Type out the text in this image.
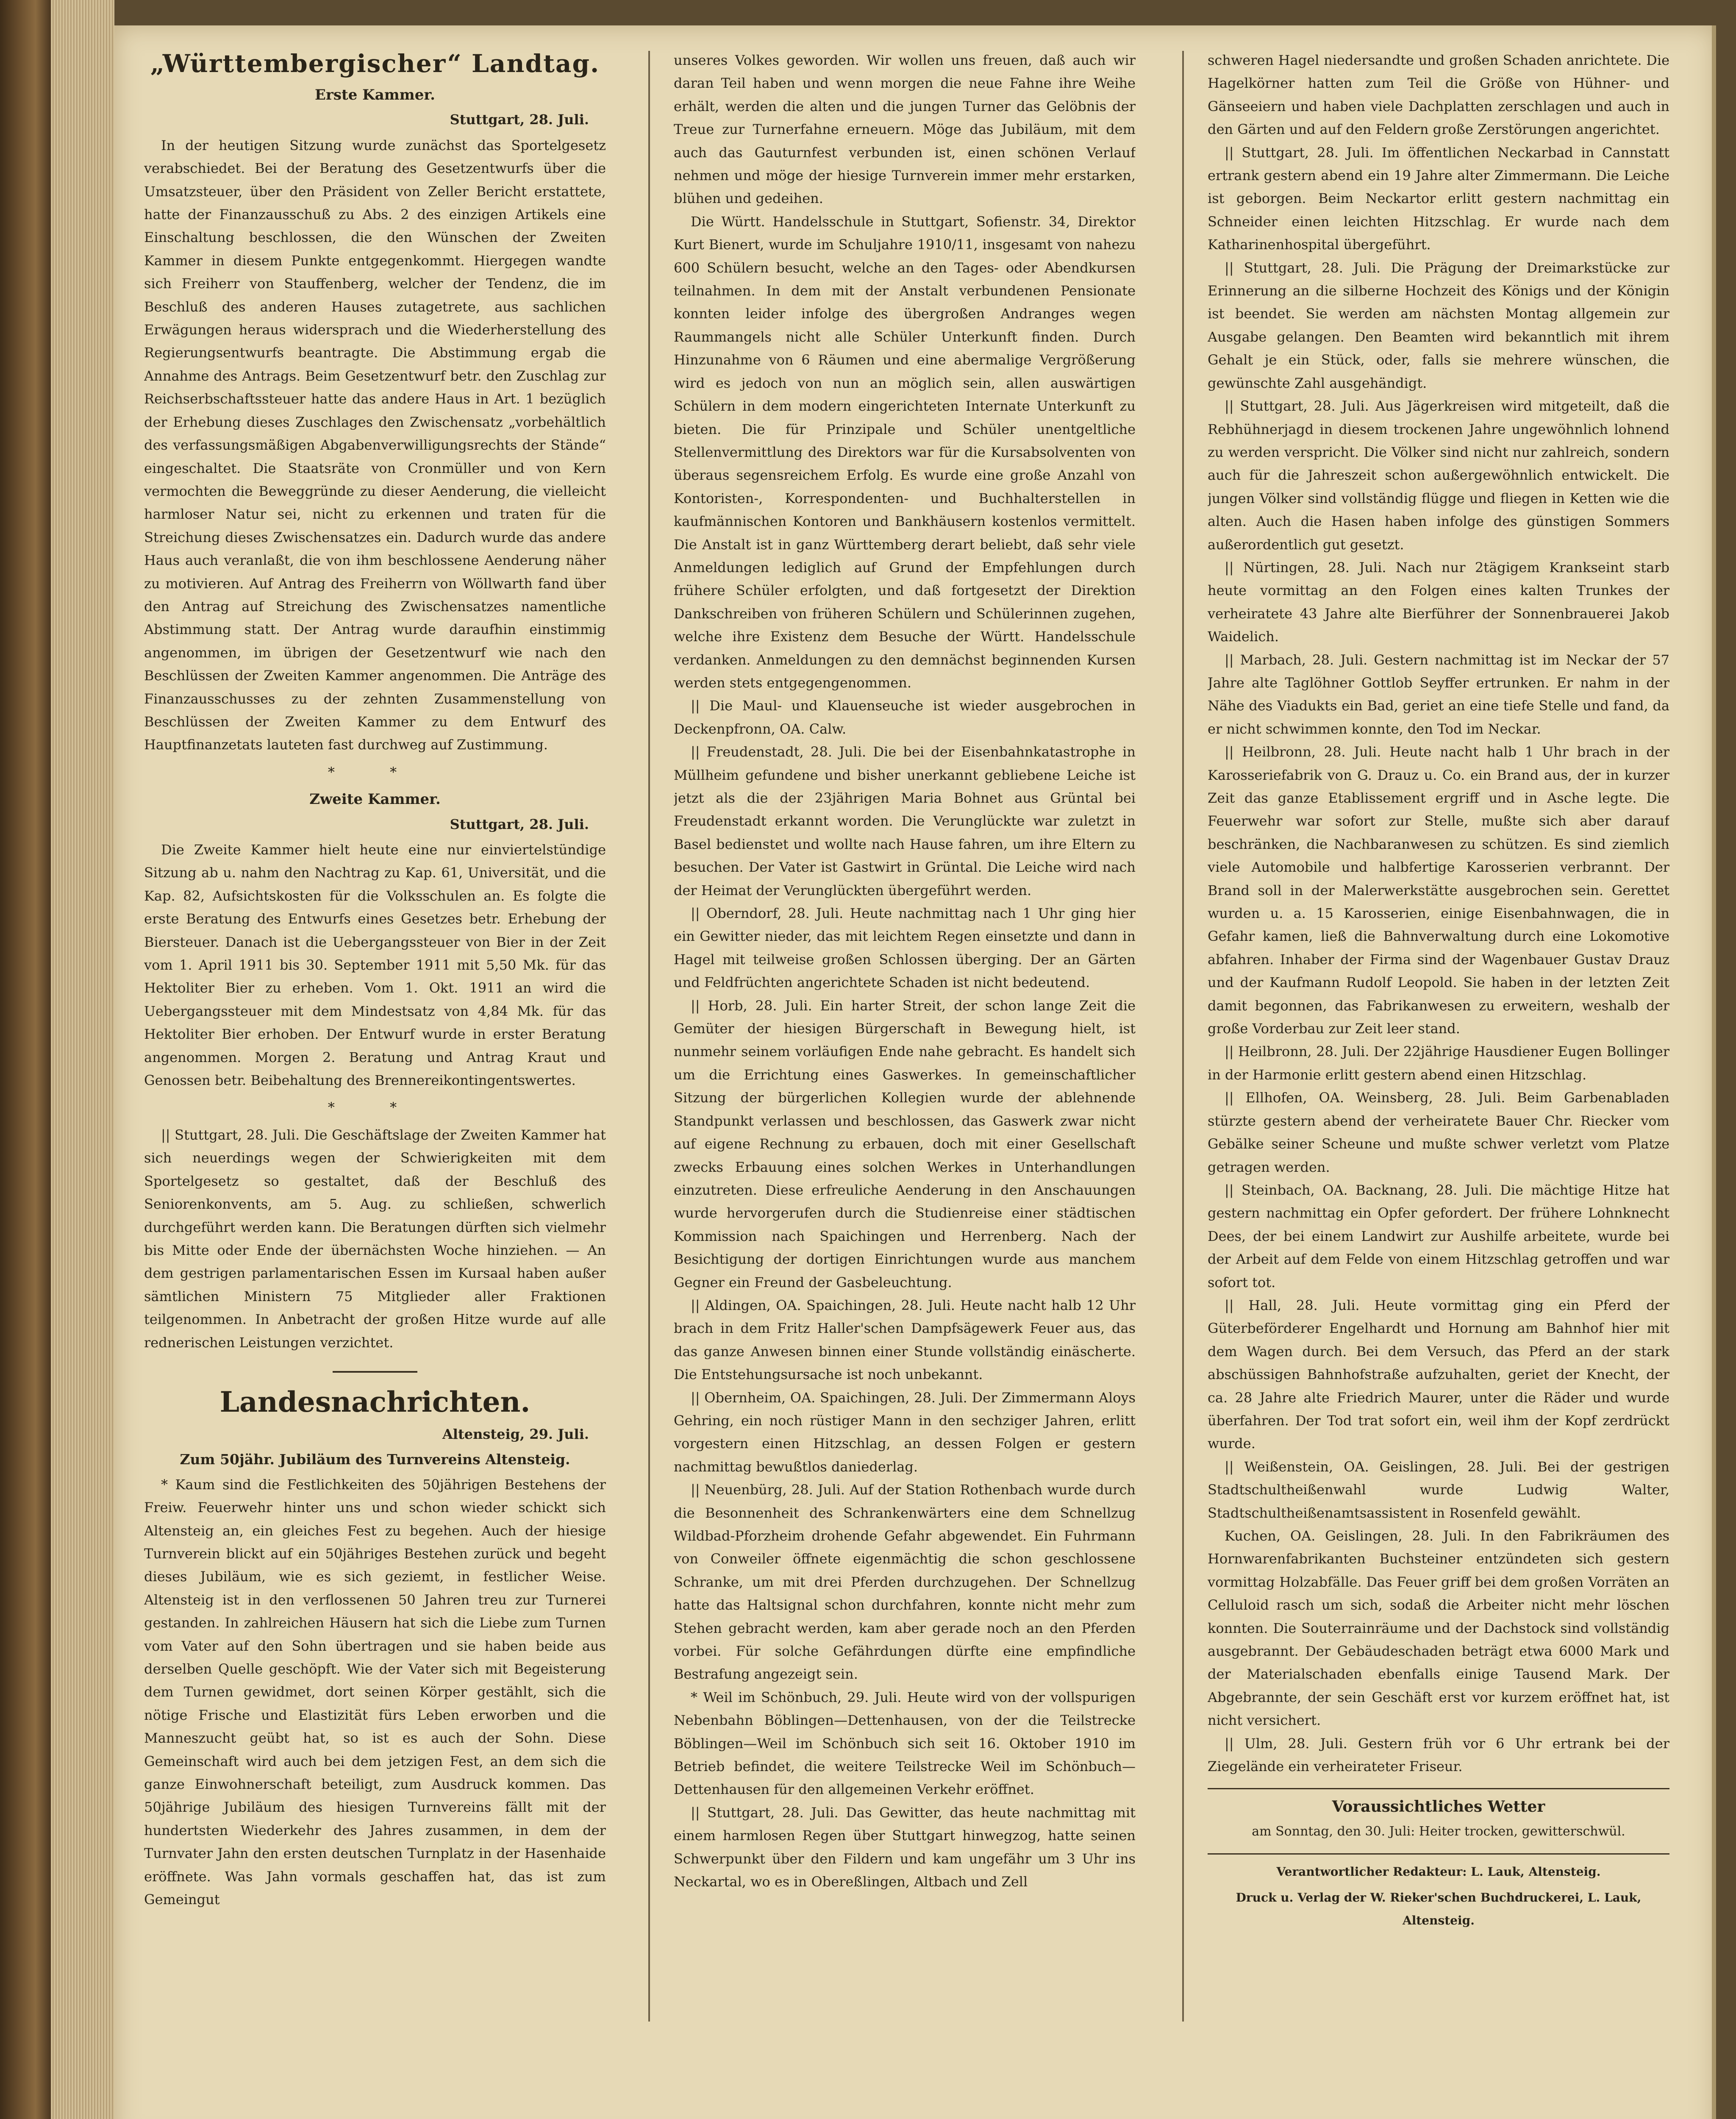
„Württembergischer“ Landtag.
Erste Kammer.
Stuttgart, 28. Juli.

In der heutigen Sitzung wurde zunächst das Sportelgesetz verabschiedet. Bei der Beratung des Gesetzentwurfs über die Umsatzsteuer, über den Präsident von Zeller Bericht erstattete, hatte der Finanzausschuß zu Abs. 2 des einzigen Artikels eine Einschaltung beschlossen, die den Wünschen der Zweiten Kammer in diesem Punkte entgegenkommt. Hiergegen wandte sich Freiherr von Stauffenberg, welcher der Tendenz, die im Beschluß des anderen Hauses zutagetrete, aus sachlichen Erwägungen heraus widersprach und die Wiederherstellung des Regierungsentwurfs beantragte. Die Abstimmung ergab die Annahme des Antrags. Beim Gesetzentwurf betr. den Zuschlag zur Reichserbschaftssteuer hatte das andere Haus in Art. 1 bezüglich der Erhebung dieses Zuschlages den Zwischensatz „vorbehältlich des verfassungsmäßigen Abgabenverwilligungsrechts der Stände“ eingeschaltet. Die Staatsräte von Cronmüller und von Kern vermochten die Beweggründe zu dieser Aenderung, die vielleicht harmloser Natur sei, nicht zu erkennen und traten für die Streichung dieses Zwischensatzes ein. Dadurch wurde das andere Haus auch veranlaßt, die von ihm beschlossene Aenderung näher zu motivieren. Auf Antrag des Freiherrn von Wöllwarth fand über den Antrag auf Streichung des Zwischensatzes namentliche Abstimmung statt. Der Antrag wurde daraufhin einstimmig angenommen, im übrigen der Gesetzentwurf wie nach den Beschlüssen der Zweiten Kammer angenommen. Die Anträge des Finanzausschusses zu der zehnten Zusammenstellung von Beschlüssen der Zweiten Kammer zu dem Entwurf des Hauptfinanzetats lauteten fast durchweg auf Zustimmung.

* *
Zweite Kammer.
Stuttgart, 28. Juli.

Die Zweite Kammer hielt heute eine nur einviertelstündige Sitzung ab u. nahm den Nachtrag zu Kap. 61, Universität, und die Kap. 82, Aufsichtskosten für die Volksschulen an. Es folgte die erste Beratung des Entwurfs eines Gesetzes betr. Erhebung der Biersteuer. Danach ist die Uebergangssteuer von Bier in der Zeit vom 1. April 1911 bis 30. September 1911 mit 5,50 Mk. für das Hektoliter Bier zu erheben. Vom 1. Okt. 1911 an wird die Uebergangssteuer mit dem Mindestsatz von 4,84 Mk. für das Hektoliter Bier erhoben. Der Entwurf wurde in erster Beratung angenommen. Morgen 2. Beratung und Antrag Kraut und Genossen betr. Beibehaltung des Brennereikontingentswertes.

* *

|| Stuttgart, 28. Juli. Die Geschäftslage der Zweiten Kammer hat sich neuerdings wegen der Schwierigkeiten mit dem Sportelgesetz so gestaltet, daß der Beschluß des Seniorenkonvents, am 5. Aug. zu schließen, schwerlich durchgeführt werden kann. Die Beratungen dürften sich vielmehr bis Mitte oder Ende der übernächsten Woche hinziehen. — An dem gestrigen parlamentarischen Essen im Kursaal haben außer sämtlichen Ministern 75 Mitglieder aller Fraktionen teilgenommen. In Anbetracht der großen Hitze wurde auf alle rednerischen Leistungen verzichtet.

Landesnachrichten.
Altensteig, 29. Juli.
Zum 50jähr. Jubiläum des Turnvereins Altensteig.

* Kaum sind die Festlichkeiten des 50jährigen Bestehens der Freiw. Feuerwehr hinter uns und schon wieder schickt sich Altensteig an, ein gleiches Fest zu begehen. Auch der hiesige Turnverein blickt auf ein 50jähriges Bestehen zurück und begeht dieses Jubiläum, wie es sich geziemt, in festlicher Weise. Altensteig ist in den verflossenen 50 Jahren treu zur Turnerei gestanden. In zahlreichen Häusern hat sich die Liebe zum Turnen vom Vater auf den Sohn übertragen und sie haben beide aus derselben Quelle geschöpft. Wie der Vater sich mit Begeisterung dem Turnen gewidmet, dort seinen Körper gestählt, sich die nötige Frische und Elastizität fürs Leben erworben und die Manneszucht geübt hat, so ist es auch der Sohn. Diese Gemeinschaft wird auch bei dem jetzigen Fest, an dem sich die ganze Einwohnerschaft beteiligt, zum Ausdruck kommen. Das 50jährige Jubiläum des hiesigen Turnvereins fällt mit der hundertsten Wiederkehr des Jahres zusammen, in dem der Turnvater Jahn den ersten deutschen Turnplatz in der Hasenhaide eröffnete. Was Jahn vormals geschaffen hat, das ist zum Gemeingut

unseres Volkes geworden. Wir wollen uns freuen, daß auch wir daran Teil haben und wenn morgen die neue Fahne ihre Weihe erhält, werden die alten und die jungen Turner das Gelöbnis der Treue zur Turnerfahne erneuern. Möge das Jubiläum, mit dem auch das Gauturnfest verbunden ist, einen schönen Verlauf nehmen und möge der hiesige Turnverein immer mehr erstarken, blühen und gedeihen.

Die Württ. Handelsschule in Stuttgart, Sofienstr. 34, Direktor Kurt Bienert, wurde im Schuljahre 1910/11, insgesamt von nahezu 600 Schülern besucht, welche an den Tages- oder Abendkursen teilnahmen. In dem mit der Anstalt verbundenen Pensionate konnten leider infolge des übergroßen Andranges wegen Raummangels nicht alle Schüler Unterkunft finden. Durch Hinzunahme von 6 Räumen und eine abermalige Vergrößerung wird es jedoch von nun an möglich sein, allen auswärtigen Schülern in dem modern eingerichteten Internate Unterkunft zu bieten. Die für Prinzipale und Schüler unentgeltliche Stellenvermittlung des Direktors war für die Kursabsolventen von überaus segensreichem Erfolg. Es wurde eine große Anzahl von Kontoristen-, Korrespondenten- und Buchhalterstellen in kaufmännischen Kontoren und Bankhäusern kostenlos vermittelt. Die Anstalt ist in ganz Württemberg derart beliebt, daß sehr viele Anmeldungen lediglich auf Grund der Empfehlungen durch frühere Schüler erfolgten, und daß fortgesetzt der Direktion Dankschreiben von früheren Schülern und Schülerinnen zugehen, welche ihre Existenz dem Besuche der Württ. Handelsschule verdanken. Anmeldungen zu den demnächst beginnenden Kursen werden stets entgegengenommen.

|| Die Maul- und Klauenseuche ist wieder ausgebrochen in Deckenpfronn, OA. Calw.

|| Freudenstadt, 28. Juli. Die bei der Eisenbahnkatastrophe in Müllheim gefundene und bisher unerkannt gebliebene Leiche ist jetzt als die der 23jährigen Maria Bohnet aus Grüntal bei Freudenstadt erkannt worden. Die Verunglückte war zuletzt in Basel bedienstet und wollte nach Hause fahren, um ihre Eltern zu besuchen. Der Vater ist Gastwirt in Grüntal. Die Leiche wird nach der Heimat der Verunglückten übergeführt werden.

|| Oberndorf, 28. Juli. Heute nachmittag nach 1 Uhr ging hier ein Gewitter nieder, das mit leichtem Regen einsetzte und dann in Hagel mit teilweise großen Schlossen überging. Der an Gärten und Feldfrüchten angerichtete Schaden ist nicht bedeutend.

|| Horb, 28. Juli. Ein harter Streit, der schon lange Zeit die Gemüter der hiesigen Bürgerschaft in Bewegung hielt, ist nunmehr seinem vorläufigen Ende nahe gebracht. Es handelt sich um die Errichtung eines Gaswerkes. In gemeinschaftlicher Sitzung der bürgerlichen Kollegien wurde der ablehnende Standpunkt verlassen und beschlossen, das Gaswerk zwar nicht auf eigene Rechnung zu erbauen, doch mit einer Gesellschaft zwecks Erbauung eines solchen Werkes in Unterhandlungen einzutreten. Diese erfreuliche Aenderung in den Anschauungen wurde hervorgerufen durch die Studienreise einer städtischen Kommission nach Spaichingen und Herrenberg. Nach der Besichtigung der dortigen Einrichtungen wurde aus manchem Gegner ein Freund der Gasbeleuchtung.

|| Aldingen, OA. Spaichingen, 28. Juli. Heute nacht halb 12 Uhr brach in dem Fritz Haller'schen Dampfsägewerk Feuer aus, das das ganze Anwesen binnen einer Stunde vollständig einäscherte. Die Entstehungsursache ist noch unbekannt.

|| Obernheim, OA. Spaichingen, 28. Juli. Der Zimmermann Aloys Gehring, ein noch rüstiger Mann in den sechziger Jahren, erlitt vorgestern einen Hitzschlag, an dessen Folgen er gestern nachmittag bewußtlos daniederlag.

|| Neuenbürg, 28. Juli. Auf der Station Rothenbach wurde durch die Besonnenheit des Schrankenwärters eine dem Schnellzug Wildbad-Pforzheim drohende Gefahr abgewendet. Ein Fuhrmann von Conweiler öffnete eigenmächtig die schon geschlossene Schranke, um mit drei Pferden durchzugehen. Der Schnellzug hatte das Haltsignal schon durchfahren, konnte nicht mehr zum Stehen gebracht werden, kam aber gerade noch an den Pferden vorbei. Für solche Gefährdungen dürfte eine empfindliche Bestrafung angezeigt sein.

* Weil im Schönbuch, 29. Juli. Heute wird von der vollspurigen Nebenbahn Böblingen—Dettenhausen, von der die Teilstrecke Böblingen—Weil im Schönbuch sich seit 16. Oktober 1910 im Betrieb befindet, die weitere Teilstrecke Weil im Schönbuch—Dettenhausen für den allgemeinen Verkehr eröffnet.

|| Stuttgart, 28. Juli. Das Gewitter, das heute nachmittag mit einem harmlosen Regen über Stuttgart hinwegzog, hatte seinen Schwerpunkt über den Fildern und kam ungefähr um 3 Uhr ins Neckartal, wo es in Obereßlingen, Altbach und Zell

schweren Hagel niedersandte und großen Schaden anrichtete. Die Hagelkörner hatten zum Teil die Größe von Hühner- und Gänseeiern und haben viele Dachplatten zerschlagen und auch in den Gärten und auf den Feldern große Zerstörungen angerichtet.

|| Stuttgart, 28. Juli. Im öffentlichen Neckarbad in Cannstatt ertrank gestern abend ein 19 Jahre alter Zimmermann. Die Leiche ist geborgen. Beim Neckartor erlitt gestern nachmittag ein Schneider einen leichten Hitzschlag. Er wurde nach dem Katharinenhospital übergeführt.

|| Stuttgart, 28. Juli. Die Prägung der Dreimarkstücke zur Erinnerung an die silberne Hochzeit des Königs und der Königin ist beendet. Sie werden am nächsten Montag allgemein zur Ausgabe gelangen. Den Beamten wird bekanntlich mit ihrem Gehalt je ein Stück, oder, falls sie mehrere wünschen, die gewünschte Zahl ausgehändigt.

|| Stuttgart, 28. Juli. Aus Jägerkreisen wird mitgeteilt, daß die Rebhühnerjagd in diesem trockenen Jahre ungewöhnlich lohnend zu werden verspricht. Die Völker sind nicht nur zahlreich, sondern auch für die Jahreszeit schon außergewöhnlich entwickelt. Die jungen Völker sind vollständig flügge und fliegen in Ketten wie die alten. Auch die Hasen haben infolge des günstigen Sommers außerordentlich gut gesetzt.

|| Nürtingen, 28. Juli. Nach nur 2tägigem Krankseint starb heute vormittag an den Folgen eines kalten Trunkes der verheiratete 43 Jahre alte Bierführer der Sonnenbrauerei Jakob Waidelich.

|| Marbach, 28. Juli. Gestern nachmittag ist im Neckar der 57 Jahre alte Taglöhner Gottlob Seyffer ertrunken. Er nahm in der Nähe des Viadukts ein Bad, geriet an eine tiefe Stelle und fand, da er nicht schwimmen konnte, den Tod im Neckar.

|| Heilbronn, 28. Juli. Heute nacht halb 1 Uhr brach in der Karosseriefabrik von G. Drauz u. Co. ein Brand aus, der in kurzer Zeit das ganze Etablissement ergriff und in Asche legte. Die Feuerwehr war sofort zur Stelle, mußte sich aber darauf beschränken, die Nachbaranwesen zu schützen. Es sind ziemlich viele Automobile und halbfertige Karosserien verbrannt. Der Brand soll in der Malerwerkstätte ausgebrochen sein. Gerettet wurden u. a. 15 Karosserien, einige Eisenbahnwagen, die in Gefahr kamen, ließ die Bahnverwaltung durch eine Lokomotive abfahren. Inhaber der Firma sind der Wagenbauer Gustav Drauz und der Kaufmann Rudolf Leopold. Sie haben in der letzten Zeit damit begonnen, das Fabrikanwesen zu erweitern, weshalb der große Vorderbau zur Zeit leer stand.

|| Heilbronn, 28. Juli. Der 22jährige Hausdiener Eugen Bollinger in der Harmonie erlitt gestern abend einen Hitzschlag.

|| Ellhofen, OA. Weinsberg, 28. Juli. Beim Garbenabladen stürzte gestern abend der verheiratete Bauer Chr. Riecker vom Gebälke seiner Scheune und mußte schwer verletzt vom Platze getragen werden.

|| Steinbach, OA. Backnang, 28. Juli. Die mächtige Hitze hat gestern nachmittag ein Opfer gefordert. Der frühere Lohnknecht Dees, der bei einem Landwirt zur Aushilfe arbeitete, wurde bei der Arbeit auf dem Felde von einem Hitzschlag getroffen und war sofort tot.

|| Hall, 28. Juli. Heute vormittag ging ein Pferd der Güterbeförderer Engelhardt und Hornung am Bahnhof hier mit dem Wagen durch. Bei dem Versuch, das Pferd an der stark abschüssigen Bahnhofstraße aufzuhalten, geriet der Knecht, der ca. 28 Jahre alte Friedrich Maurer, unter die Räder und wurde überfahren. Der Tod trat sofort ein, weil ihm der Kopf zerdrückt wurde.

|| Weißenstein, OA. Geislingen, 28. Juli. Bei der gestrigen Stadtschultheißenwahl wurde Ludwig Walter, Stadtschultheißenamtsassistent in Rosenfeld gewählt.

Kuchen, OA. Geislingen, 28. Juli. In den Fabrikräumen des Hornwarenfabrikanten Buchsteiner entzündeten sich gestern vormittag Holzabfälle. Das Feuer griff bei dem großen Vorräten an Celluloid rasch um sich, sodaß die Arbeiter nicht mehr löschen konnten. Die Souterrainräume und der Dachstock sind vollständig ausgebrannt. Der Gebäudeschaden beträgt etwa 6000 Mark und der Materialschaden ebenfalls einige Tausend Mark. Der Abgebrannte, der sein Geschäft erst vor kurzem eröffnet hat, ist nicht versichert.

|| Ulm, 28. Juli. Gestern früh vor 6 Uhr ertrank bei der Ziegelände ein verheirateter Friseur.

Voraussichtliches Wetter
am Sonntag, den 30. Juli: Heiter trocken, gewitterschwül.
Verantwortlicher Redakteur: L. Lauk, Altensteig.
Druck u. Verlag der W. Rieker'schen Buchdruckerei, L. Lauk, Altensteig.
